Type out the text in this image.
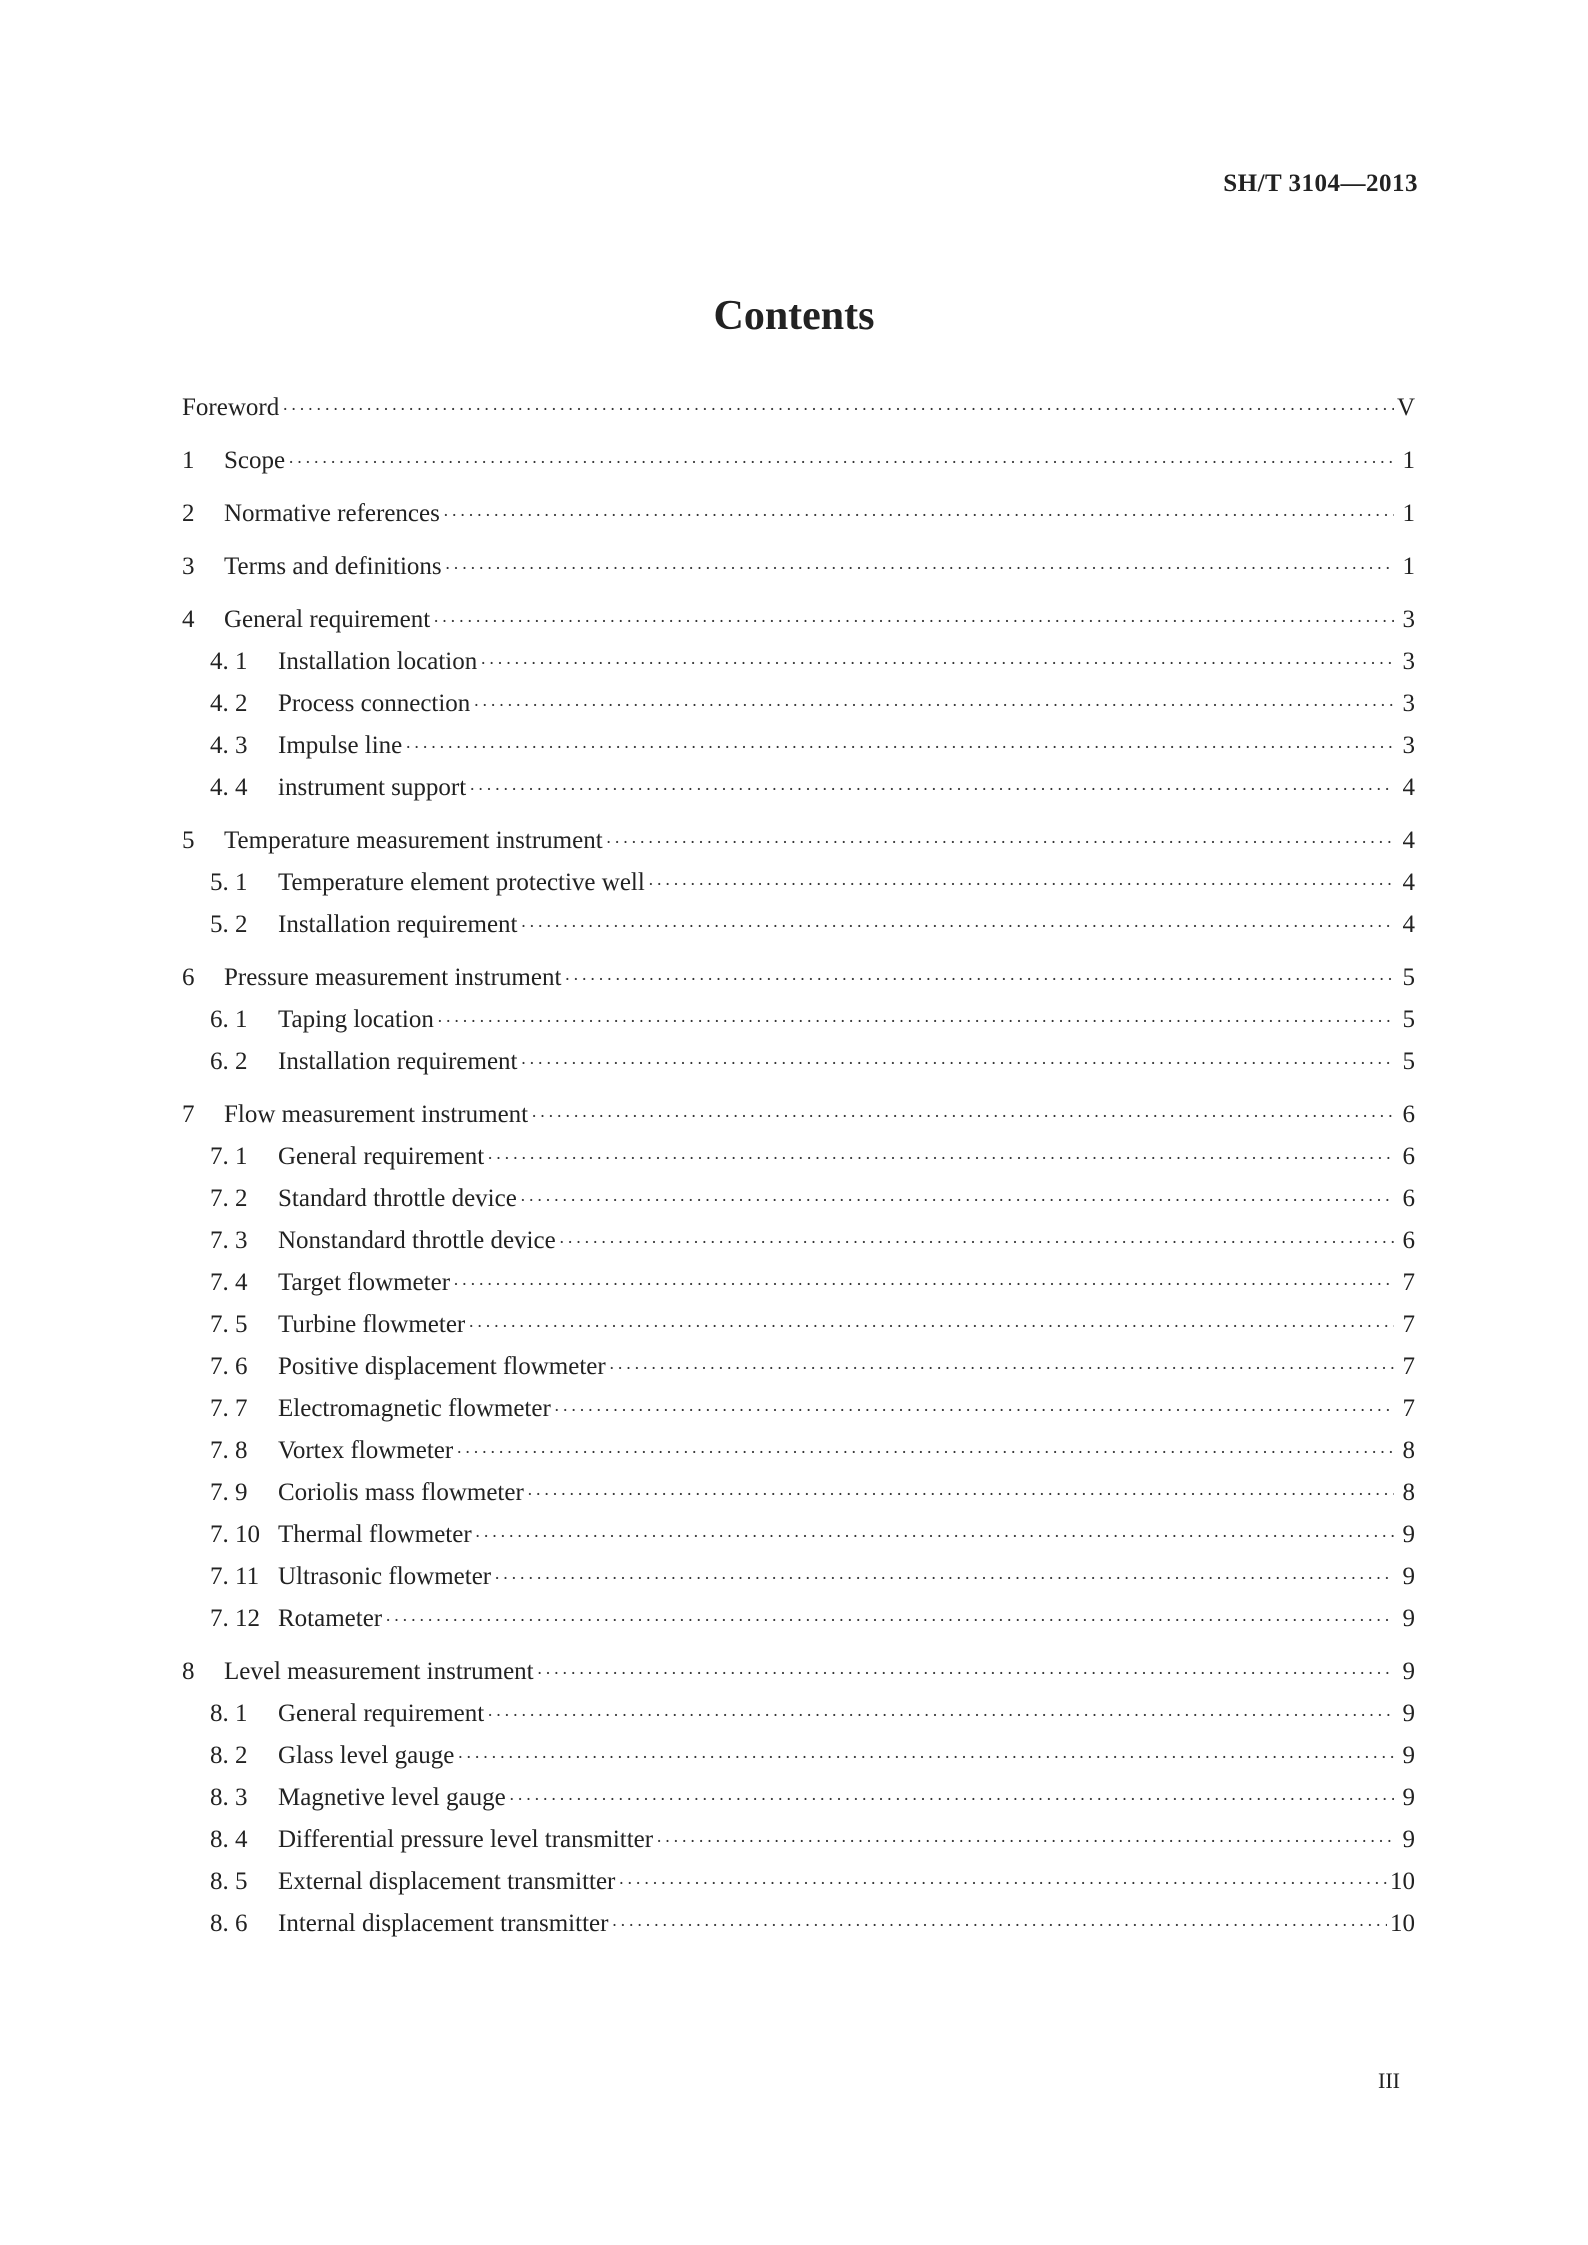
SH/T 3104—2013
Contents
Foreword ·····	V
1	Scope ·····	1
2	Normative references ·····	1
3	Terms and definitions ·····	1
4	General requirement ·····	3
4. 1	Installation location ·····	3
4. 2	Process connection ·····	3
4. 3	Impulse line ·····	3
4. 4	instrument support ·····	4
5	Temperature measurement instrument ·····	4
5. 1	Temperature element protective well ·····	4
5. 2	Installation requirement ·····	4
6	Pressure measurement instrument ·····	5
6. 1	Taping location ·····	5
6. 2	Installation requirement ·····	5
7	Flow measurement instrument ·····	6
7. 1	General requirement ·····	6
7. 2	Standard throttle device ·····	6
7. 3	Nonstandard throttle device ·····	6
7. 4	Target flowmeter ·····	7
7. 5	Turbine flowmeter ·····	7
7. 6	Positive displacement flowmeter ·····	7
7. 7	Electromagnetic flowmeter ·····	7
7. 8	Vortex flowmeter ·····	8
7. 9	Coriolis mass flowmeter ·····	8
7. 10 Thermal flowmeter ·····	9
7. 11 Ultrasonic flowmeter ·····	9
7. 12 Rotameter ·····	9
8	Level measurement instrument ·····	9
8. 1	General requirement ·····	9
8. 2	Glass level gauge ·····	9
8. 3	Magnetive level gauge ·····	9
8. 4	Differential pressure level transmitter ·····	9
8. 5	External displacement transmitter ·····	10
8. 6	Internal displacement transmitter ·····	10
III
